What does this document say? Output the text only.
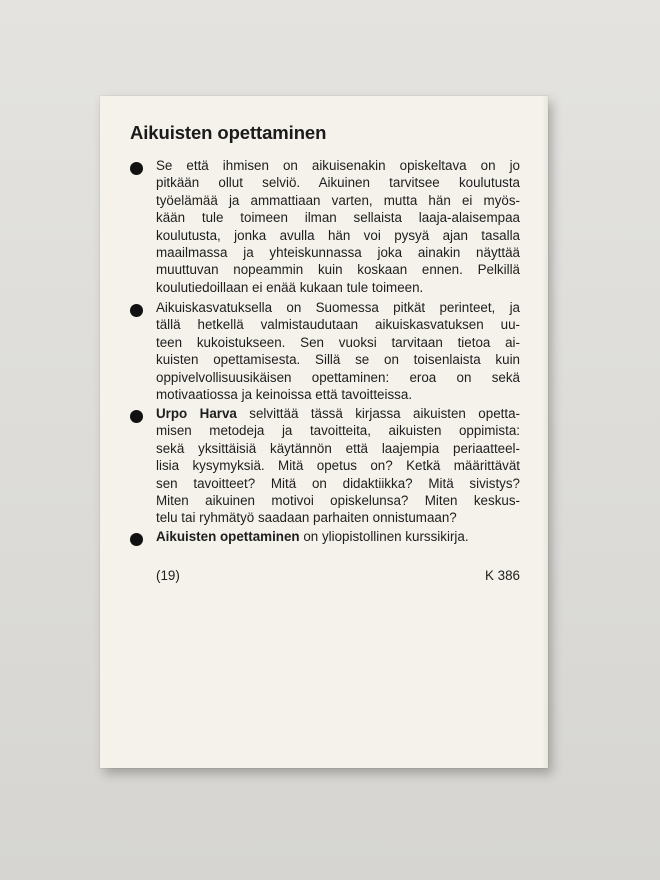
Aikuisten opettaminen
Se että ihmisen on aikuisenakin opiskeltava on jo
pitkään ollut selviö. Aikuinen tarvitsee koulutusta
työelämää ja ammattiaan varten, mutta hän ei myös-
kään tule toimeen ilman sellaista laaja-alaisempaa
koulutusta, jonka avulla hän voi pysyä ajan tasalla
maailmassa ja yhteiskunnassa joka ainakin näyttää
muuttuvan nopeammin kuin koskaan ennen. Pelkillä
koulutiedoillaan ei enää kukaan tule toimeen.
Aikuiskasvatuksella on Suomessa pitkät perinteet, ja
tällä hetkellä valmistaudutaan aikuiskasvatuksen uu-
teen kukoistukseen. Sen vuoksi tarvitaan tietoa ai-
kuisten opettamisesta. Sillä se on toisenlaista kuin
oppivelvollisuusikäisen opettaminen: eroa on sekä
motivaatiossa ja keinoissa että tavoitteissa.
Urpo Harva selvittää tässä kirjassa aikuisten opetta-
misen metodeja ja tavoitteita, aikuisten oppimista:
sekä yksittäisiä käytännön että laajempia periaatteel-
lisia kysymyksiä. Mitä opetus on? Ketkä määrittävät
sen tavoitteet? Mitä on didaktiikka? Mitä sivistys?
Miten aikuinen motivoi opiskelunsa? Miten keskus-
telu tai ryhmätyö saadaan parhaiten onnistumaan?
Aikuisten opettaminen on yliopistollinen kurssikirja.
(19)	K 386
